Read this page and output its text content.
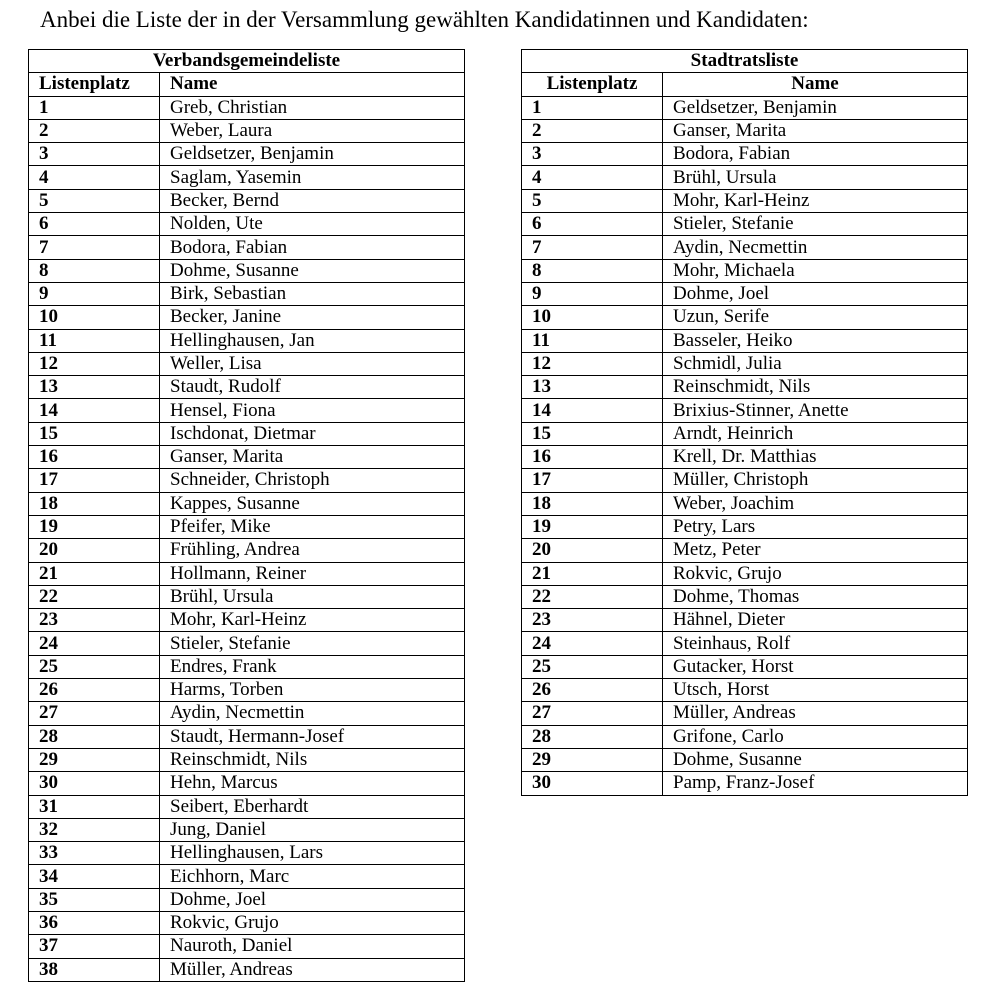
Anbei die Liste der in der Versammlung gewählten Kandidatinnen und Kandidaten:
Verbandsgemeindeliste	
Listenplatz	Name
1	Greb, Christian
2	Weber, Laura
3	Geldsetzer, Benjamin
4	Saglam, Yasemin
5	Becker, Bernd
6	Nolden, Ute
7	Bodora, Fabian
8	Dohme, Susanne
9	Birk, Sebastian
10	Becker, Janine
11	Hellinghausen, Jan
12	Weller, Lisa
13	Staudt, Rudolf
14	Hensel, Fiona
15	Ischdonat, Dietmar
16	Ganser, Marita
17	Schneider, Christoph
18	Kappes, Susanne
19	Pfeifer, Mike
20	Frühling, Andrea
21	Hollmann, Reiner
22	Brühl, Ursula
23	Mohr, Karl-Heinz
24	Stieler, Stefanie
25	Endres, Frank
26	Harms, Torben
27	Aydin, Necmettin
28	Staudt, Hermann-Josef
29	Reinschmidt, Nils
30	Hehn, Marcus
31	Seibert, Eberhardt
32	Jung, Daniel
33	Hellinghausen, Lars
34	Eichhorn, Marc
35	Dohme, Joel
36	Rokvic, Grujo
37	Nauroth, Daniel
38	Müller, Andreas
Stadtratsliste	
Listenplatz	Name
1	Geldsetzer, Benjamin
2	Ganser, Marita
3	Bodora, Fabian
4	Brühl, Ursula
5	Mohr, Karl-Heinz
6	Stieler, Stefanie
7	Aydin, Necmettin
8	Mohr, Michaela
9	Dohme, Joel
10	Uzun, Serife
11	Basseler, Heiko
12	Schmidl, Julia
13	Reinschmidt, Nils
14	Brixius-Stinner, Anette
15	Arndt, Heinrich
16	Krell, Dr. Matthias
17	Müller, Christoph
18	Weber, Joachim
19	Petry, Lars
20	Metz, Peter
21	Rokvic, Grujo
22	Dohme, Thomas
23	Hähnel, Dieter
24	Steinhaus, Rolf
25	Gutacker, Horst
26	Utsch, Horst
27	Müller, Andreas
28	Grifone, Carlo
29	Dohme, Susanne
30	Pamp, Franz-Josef
